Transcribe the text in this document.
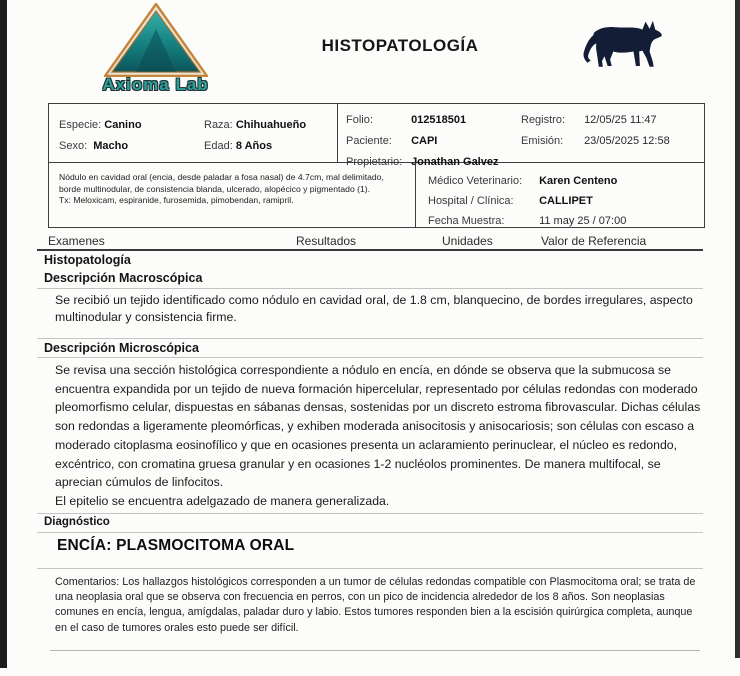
Axioma Lab
HISTOPATOLOGÍA
Especie: Canino
Sexo: Macho
Raza: Chihuahueño
Edad: 8 Años
Folio:	012518501
Paciente: CAPI
Propietario: Jonathan Galvez
Registro: 12/05/25 11:47
Emisión: 23/05/2025 12:58
Nódulo en cavidad oral (encia, desde paladar a fosa nasal) de 4.7cm, mal delimitado, borde multinodular, de consistencia blanda, ulcerado, alopécico y pigmentado (1).
Tx: Meloxicam, espiranide, furosemida, pimobendan, ramipril.
Médico Veterinario: Karen Centeno
Hospital / Clínica: CALLIPET
Fecha Muestra:	11 may 25 / 07:00
Examenes	Resultados	Unidades	Valor de Referencia
Histopatología
Descripción Macroscópica
Se recibió un tejido identificado como nódulo en cavidad oral, de 1.8 cm, blanquecino, de bordes irregulares, aspecto multinodular y consistencia firme.
Descripción Microscópica

Se revisa una sección histológica correspondiente a nódulo en encía, en dónde se observa que la submucosa se encuentra expandida por un tejido de nueva formación hipercelular, representado por células redondas con moderado pleomorfismo celular, dispuestas en sábanas densas, sostenidas por un discreto estroma fibrovascular. Dichas células son redondas a ligeramente pleomórficas, y exhiben moderada anisocitosis y anisocariosis; son células con escaso a moderado citoplasma eosinofílico y que en ocasiones presenta un aclaramiento perinuclear, el núcleo es redondo, excéntrico, con cromatina gruesa granular y en ocasiones 1-2 nucléolos prominentes. De manera multifocal, se aprecian cúmulos de linfocitos.

El epitelio se encuentra adelgazado de manera generalizada.

Diagnóstico
ENCÍA: PLASMOCITOMA ORAL
Comentarios: Los hallazgos histológicos corresponden a un tumor de células redondas compatible con Plasmocitoma oral; se trata de una neoplasia oral que se observa con frecuencia en perros, con un pico de incidencia alrededor de los 8 años. Son neoplasias comunes en encía, lengua, amígdalas, paladar duro y labio. Estos tumores responden bien a la escisión quirúrgica completa, aunque en el caso de tumores orales esto puede ser difícil.
